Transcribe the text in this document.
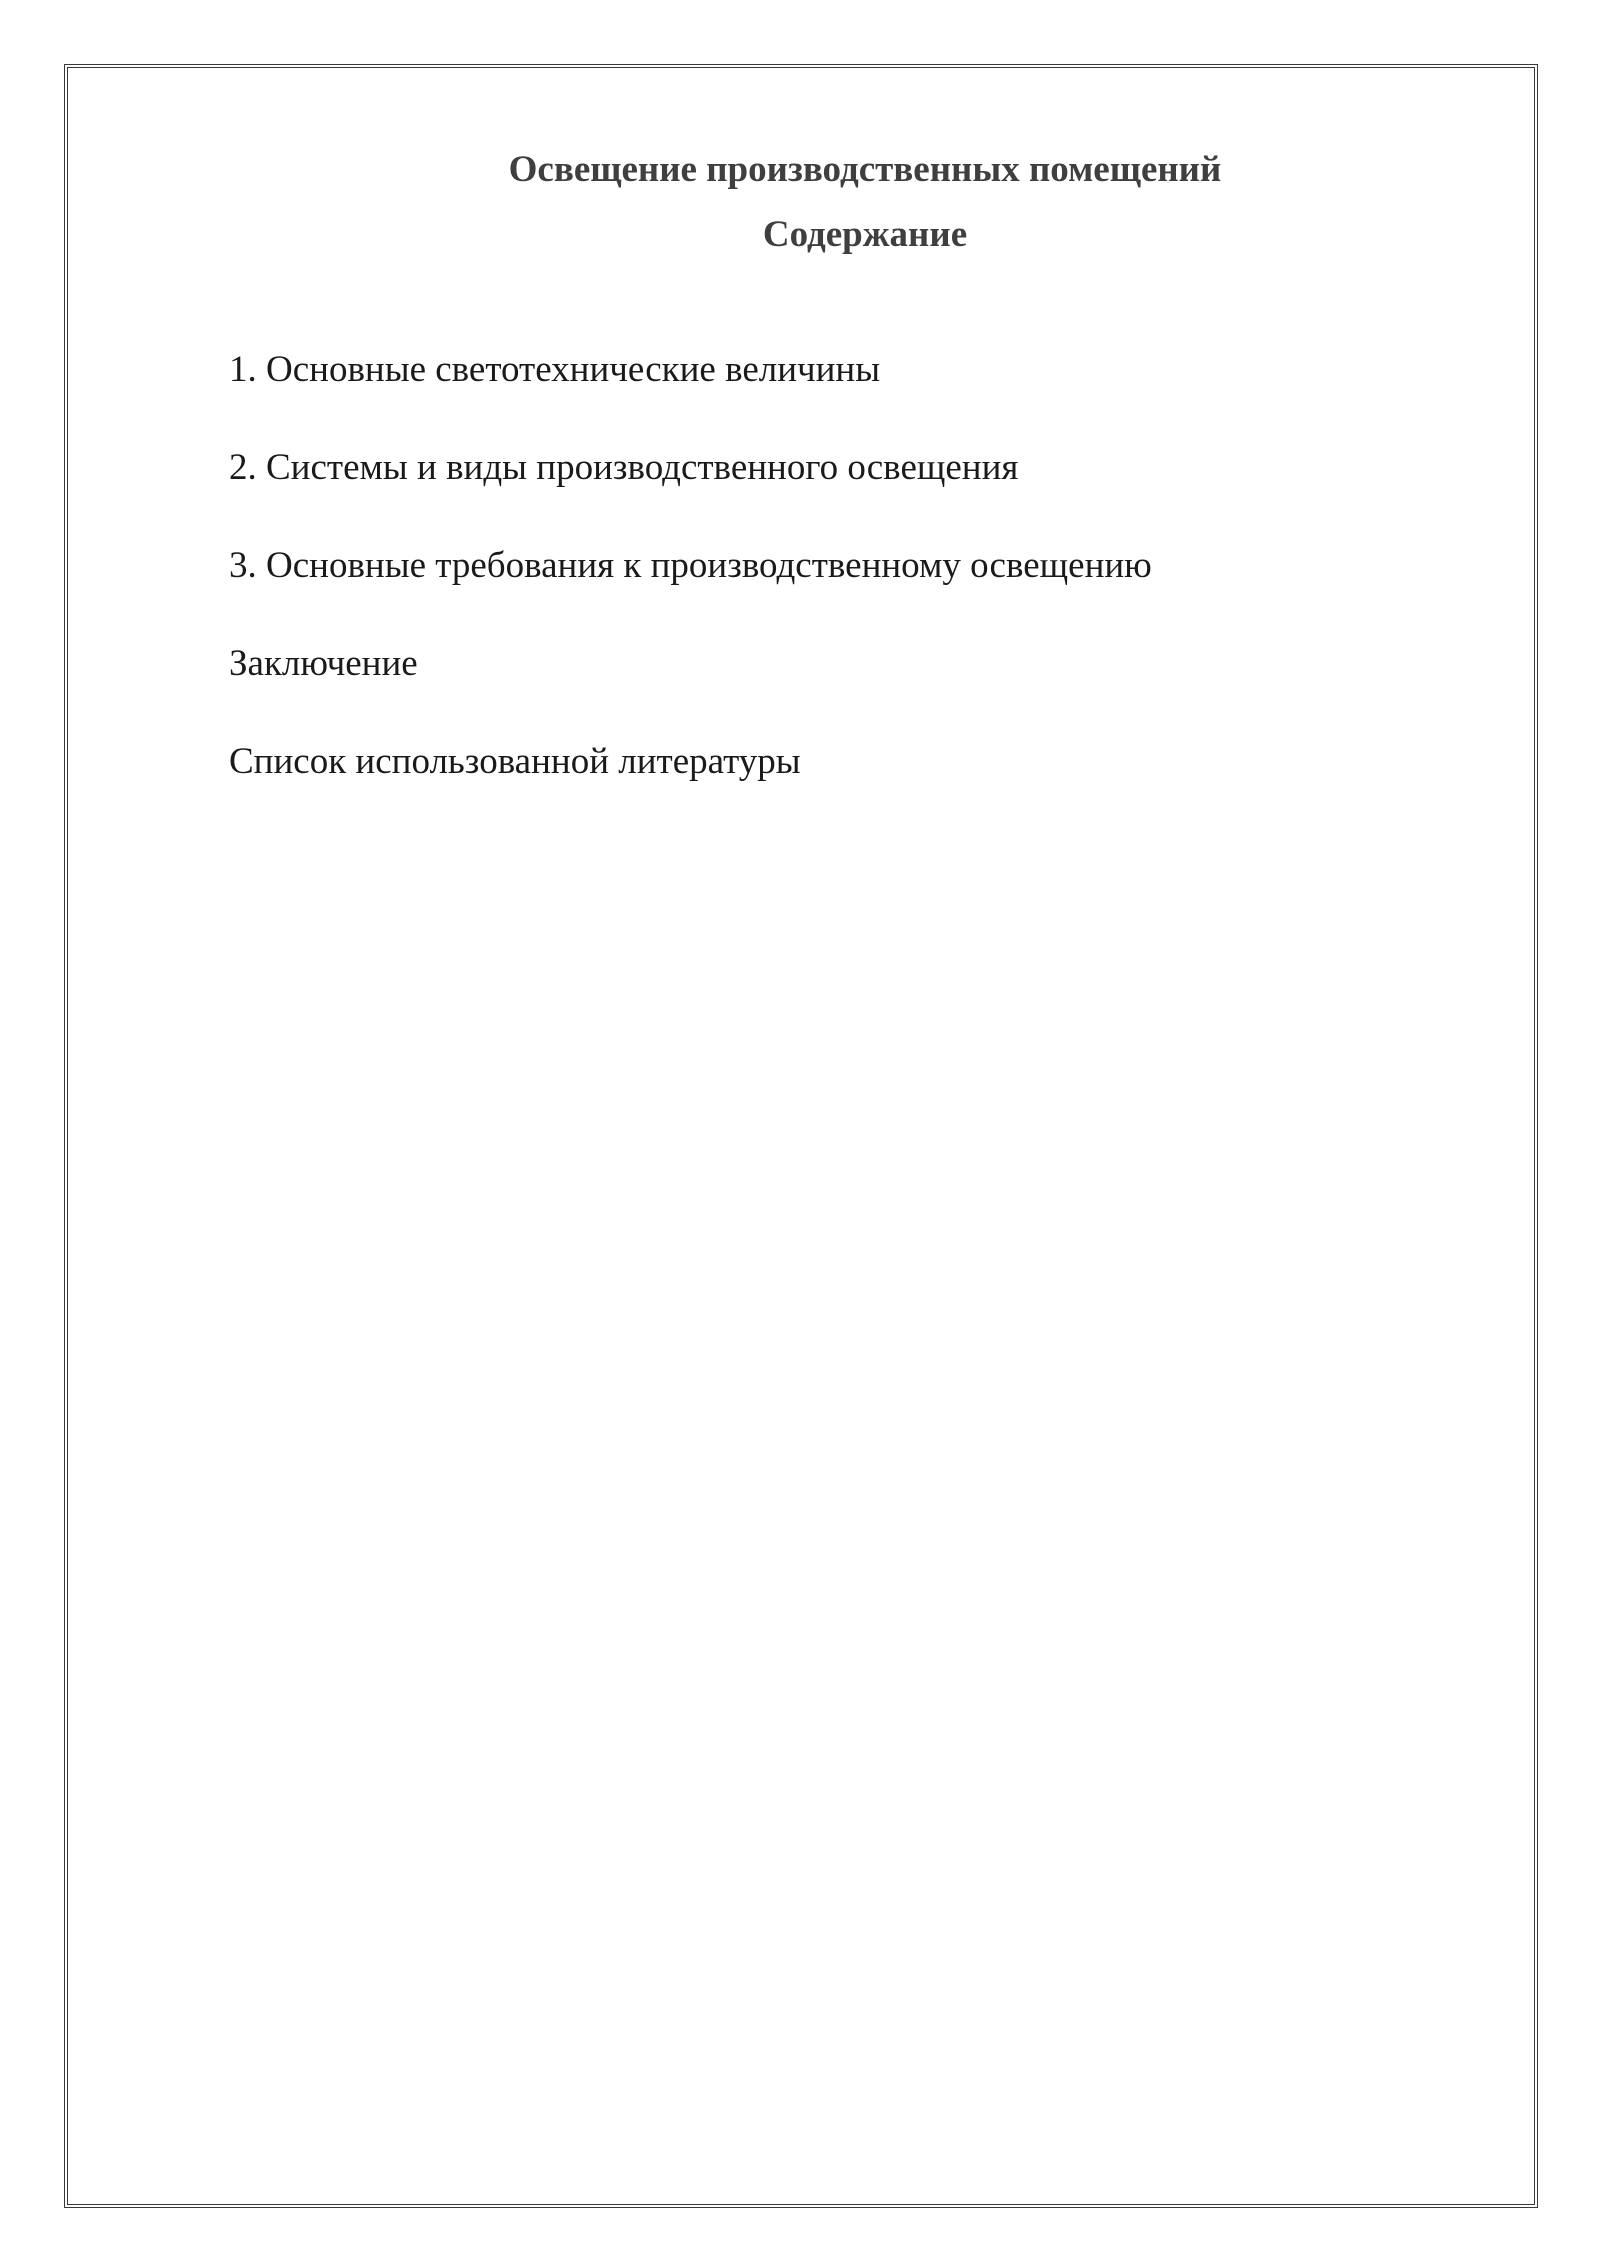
Освещение производственных помещений
Содержание
1. Основные светотехнические величины
2. Системы и виды производственного освещения
3. Основные требования к производственному освещению
Заключение
Список использованной литературы
